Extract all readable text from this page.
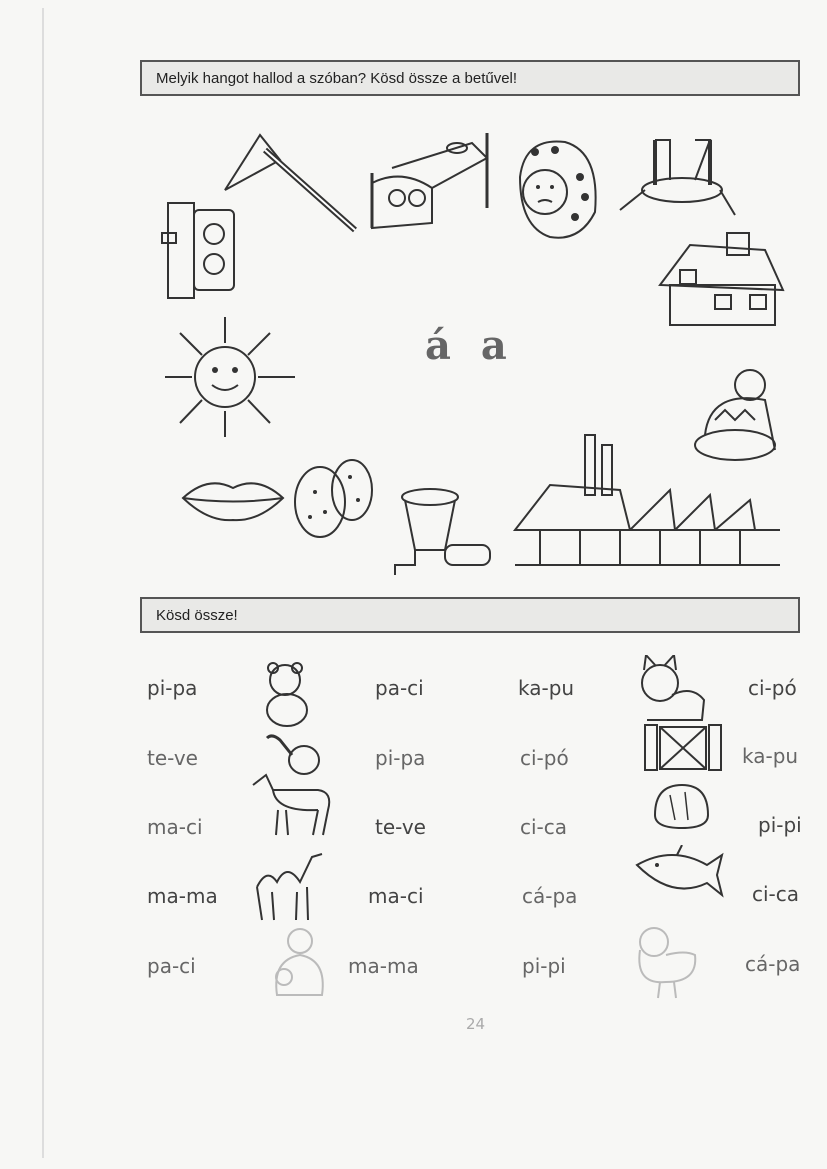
Melyik hangot hallod a szóban? Kösd össze a betűvel!
á a
Kösd össze!
pi-pa
te-ve
ma-ci
ma-ma
pa-ci
pa-ci
pi-pa
te-ve
ma-ci
ma-ma
ka-pu
ci-pó
ci-ca
cá-pa
pi-pi
ci-pó
ka-pu
pi-pi
ci-ca
cá-pa
24
